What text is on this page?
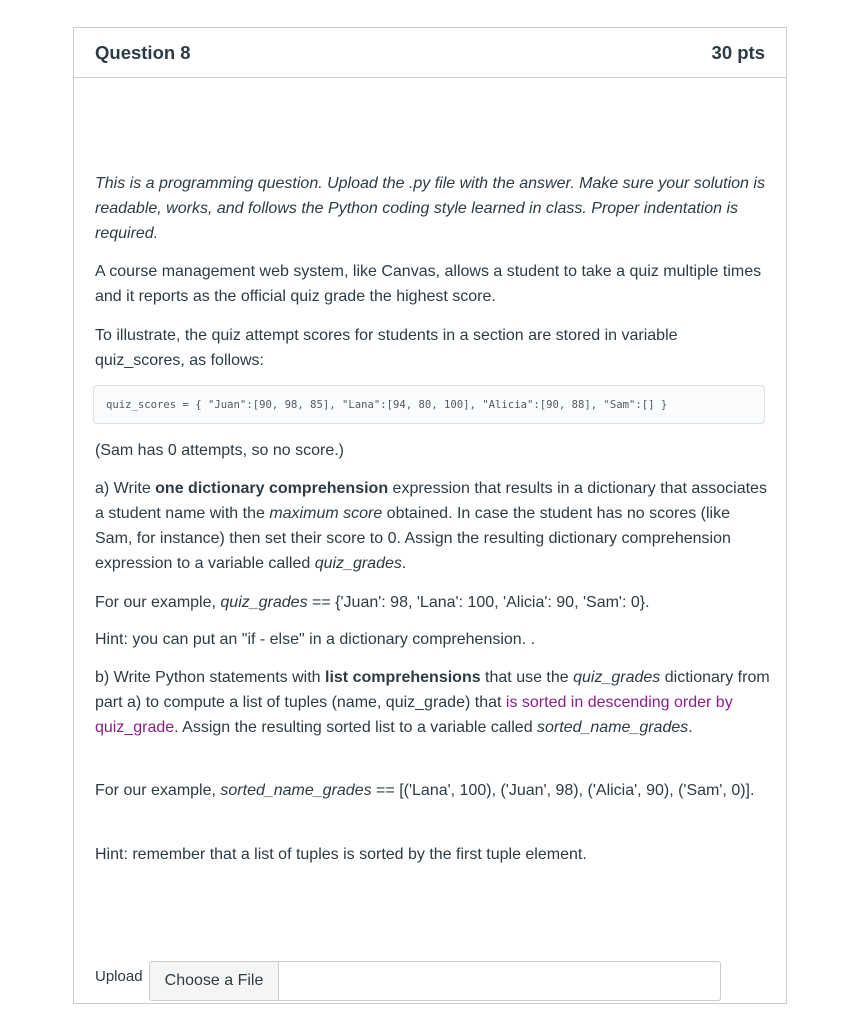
Question 8	30 pts

This is a programming question. Upload the .py file with the answer. Make sure your solution is readable, works, and follows the Python coding style learned in class. Proper indentation is required.

A course management web system, like Canvas, allows a student to take a quiz multiple times and it reports as the official quiz grade the highest score.

To illustrate, the quiz attempt scores for students in a section are stored in variable quiz_scores, as follows:

quiz_scores = { "Juan":[90, 98, 85], "Lana":[94, 80, 100], "Alicia":[90, 88], "Sam":[] }

(Sam has 0 attempts, so no score.)

a) Write one dictionary comprehension expression that results in a dictionary that associates a student name with the maximum score obtained. In case the student has no scores (like Sam, for instance) then set their score to 0. Assign the resulting dictionary comprehension expression to a variable called quiz_grades.

For our example, quiz_grades == {'Juan': 98, 'Lana': 100, 'Alicia': 90, 'Sam': 0}.

Hint: you can put an "if - else" in a dictionary comprehension. .

b) Write Python statements with list comprehensions that use the quiz_grades dictionary from part a) to compute a list of tuples (name, quiz_grade) that is sorted in descending order by quiz_grade. Assign the resulting sorted list to a variable called sorted_name_grades.

For our example, sorted_name_grades == [('Lana', 100), ('Juan', 98), ('Alicia', 90), ('Sam', 0)].

Hint: remember that a list of tuples is sorted by the first tuple element.

Upload	Choose a File
